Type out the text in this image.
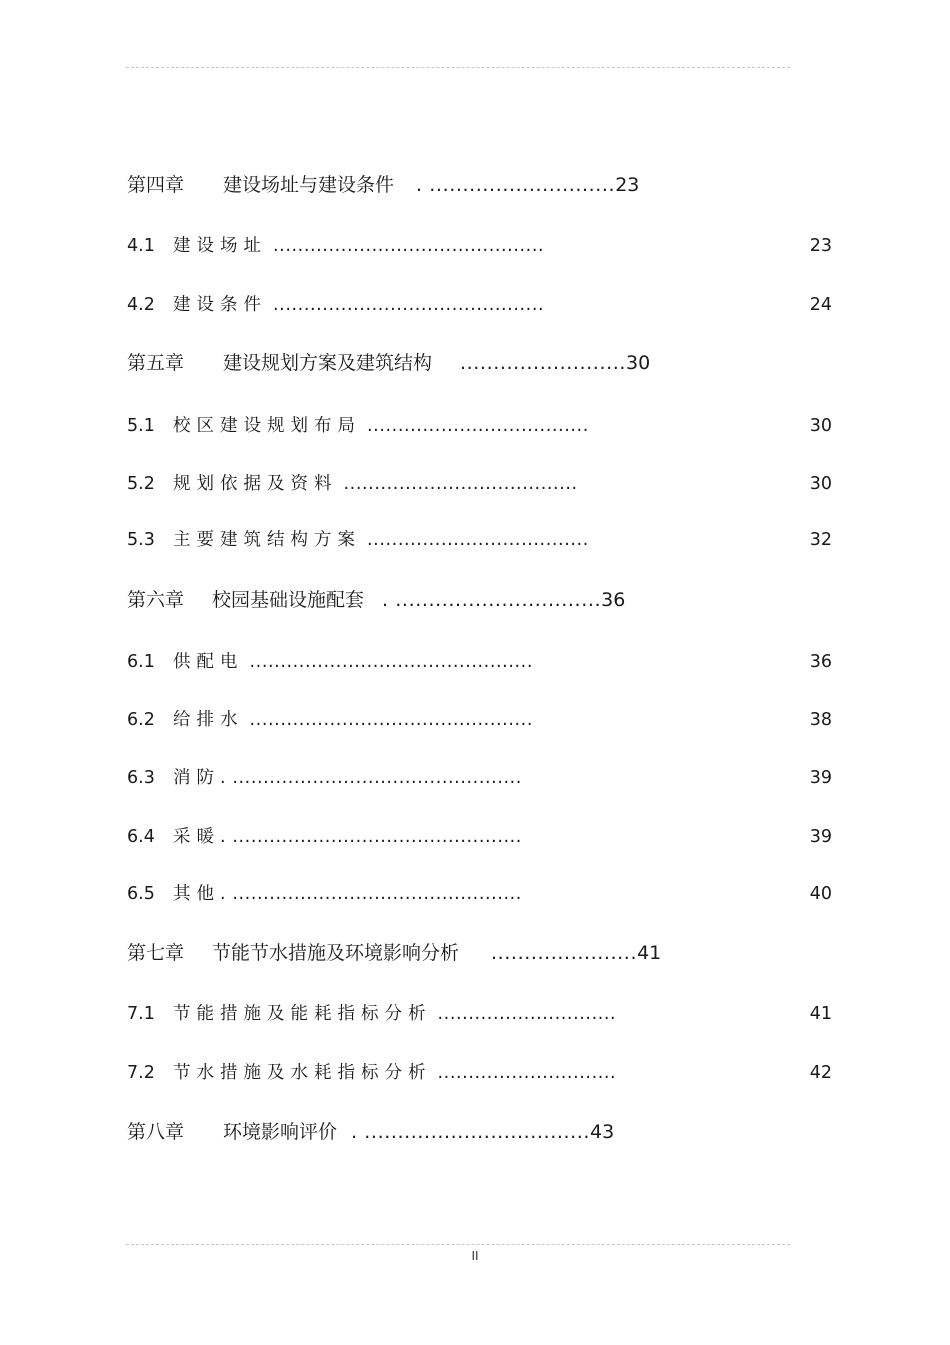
第四章 建设场址与建设条件 . ............................23
4.1 建设场址 ............................................	23
4.2 建设条件 ............................................	24
第五章 建设规划方案及建筑结构 .........................30
5.1 校区建设规划布局 ....................................	30
5.2 规划依据及资料 ......................................	30
5.3 主要建筑结构方案 ....................................	32
第六章 校园基础设施配套 . ...............................36
6.1 供配电 ..............................................	36
6.2 给排水 ..............................................	38
6.3 消防. ...............................................	39
6.4 采暖. ...............................................	39
6.5 其他. ...............................................	40
第七章 节能节水措施及环境影响分析 ......................41
7.1 节能措施及能耗指标分析 .............................	41
7.2 节水措施及水耗指标分析 .............................	42
第八章 环境影响评价 . ..................................43
II
